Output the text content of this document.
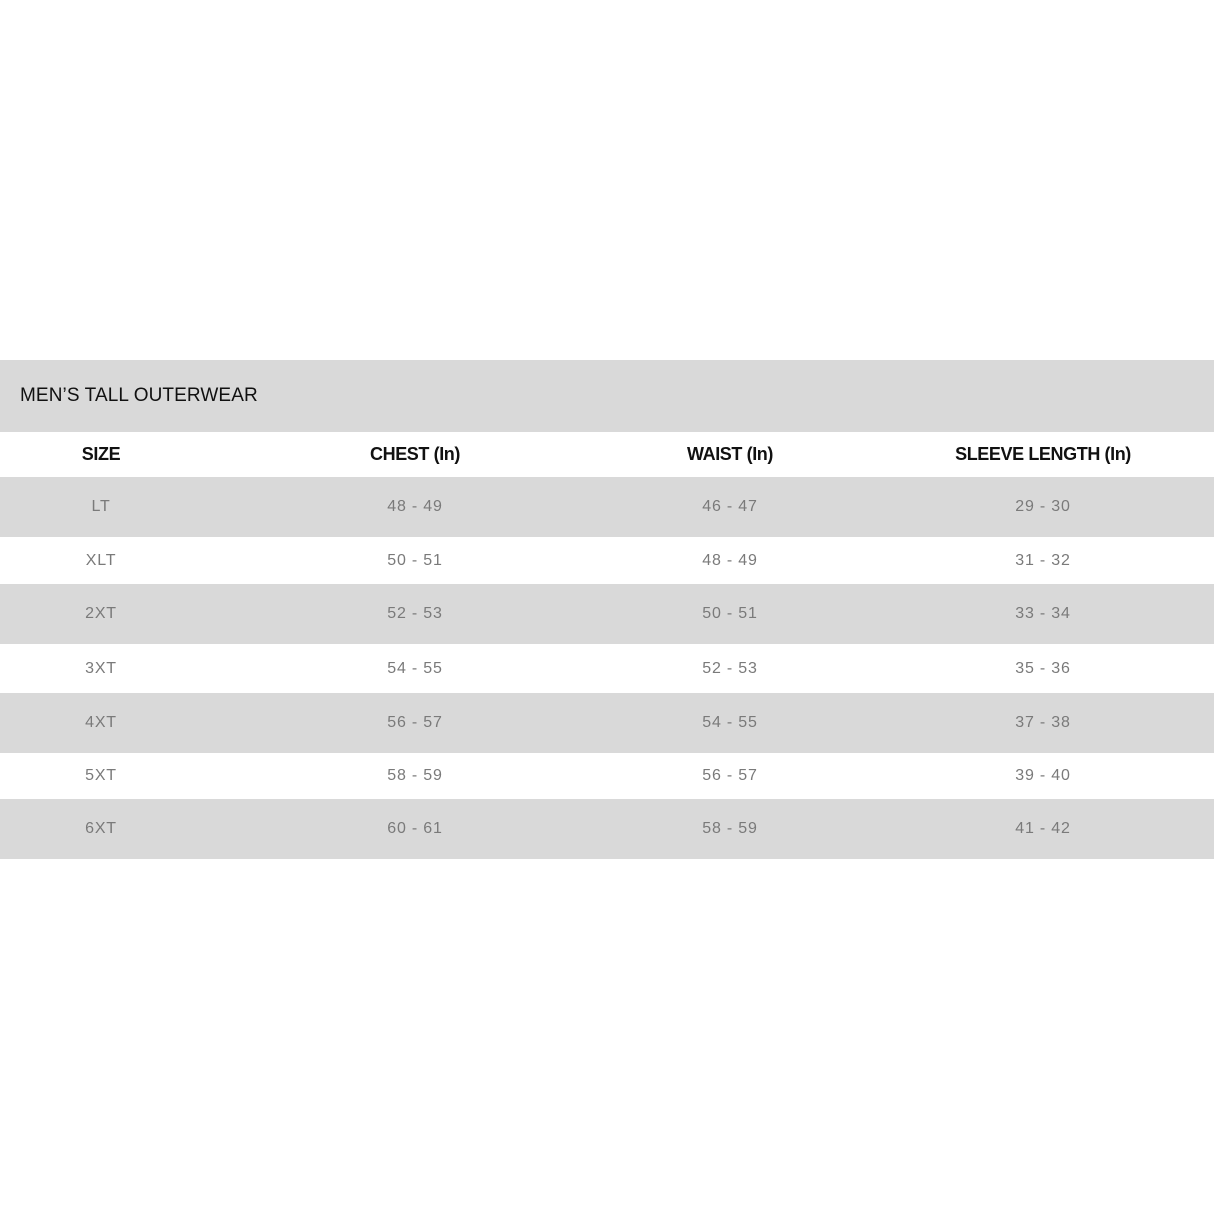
MEN’S TALL OUTERWEAR
SIZE	CHEST (In)	WAIST (In)	SLEEVE LENGTH (In)
LT	48 - 49	46 - 47	29 - 30
XLT	50 - 51	48 - 49	31 - 32
2XT	52 - 53	50 - 51	33 - 34
3XT	54 - 55	52 - 53	35 - 36
4XT	56 - 57	54 - 55	37 - 38
5XT	58 - 59	56 - 57	39 - 40
6XT	60 - 61	58 - 59	41 - 42
